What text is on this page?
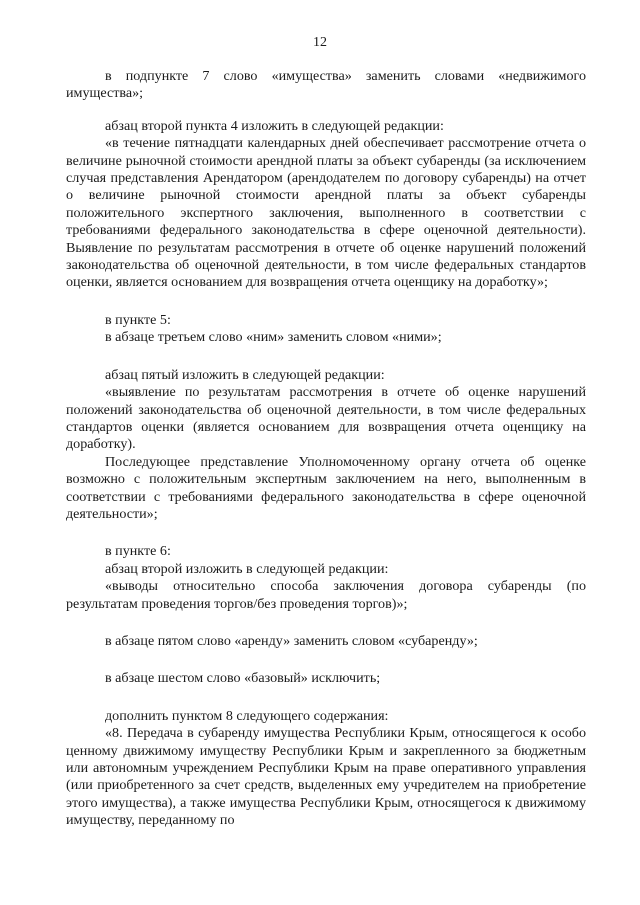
12

в подпункте 7 слово «имущества» заменить словами «недвижимого имущества»;

абзац второй пункта 4 изложить в следующей редакции:

«в течение пятнадцати календарных дней обеспечивает рассмотрение отчета о величине рыночной стоимости арендной платы за объект субаренды (за исключением случая представления Арендатором (арендодателем по договору субаренды) на отчет о величине рыночной стоимости арендной платы за объект субаренды положительного экспертного заключения, выполненного в соответствии с требованиями федерального законодательства в сфере оценочной деятельности). Выявление по результатам рассмотрения в отчете об оценке нарушений положений законодательства об оценочной деятельности, в том числе федеральных стандартов оценки, является основанием для возвращения отчета оценщику на доработку»;

в пункте 5:

в абзаце третьем слово «ним» заменить словом «ними»;

абзац пятый изложить в следующей редакции:

«выявление по результатам рассмотрения в отчете об оценке нарушений положений законодательства об оценочной деятельности, в том числе федеральных стандартов оценки (является основанием для возвращения отчета оценщику на доработку).

Последующее представление Уполномоченному органу отчета об оценке возможно с положительным экспертным заключением на него, выполненным в соответствии с требованиями федерального законодательства в сфере оценочной деятельности»;

в пункте 6:

абзац второй изложить в следующей редакции:

«выводы относительно способа заключения договора субаренды (по результатам проведения торгов/без проведения торгов)»;

в абзаце пятом слово «аренду» заменить словом «субаренду»;

в абзаце шестом слово «базовый» исключить;

дополнить пунктом 8 следующего содержания:

«8. Передача в субаренду имущества Республики Крым, относящегося к особо ценному движимому имуществу Республики Крым и закрепленного за бюджетным или автономным учреждением Республики Крым на праве оперативного управления (или приобретенного за счет средств, выделенных ему учредителем на приобретение этого имущества), а также имущества Республики Крым, относящегося к движимому имуществу, переданному по
